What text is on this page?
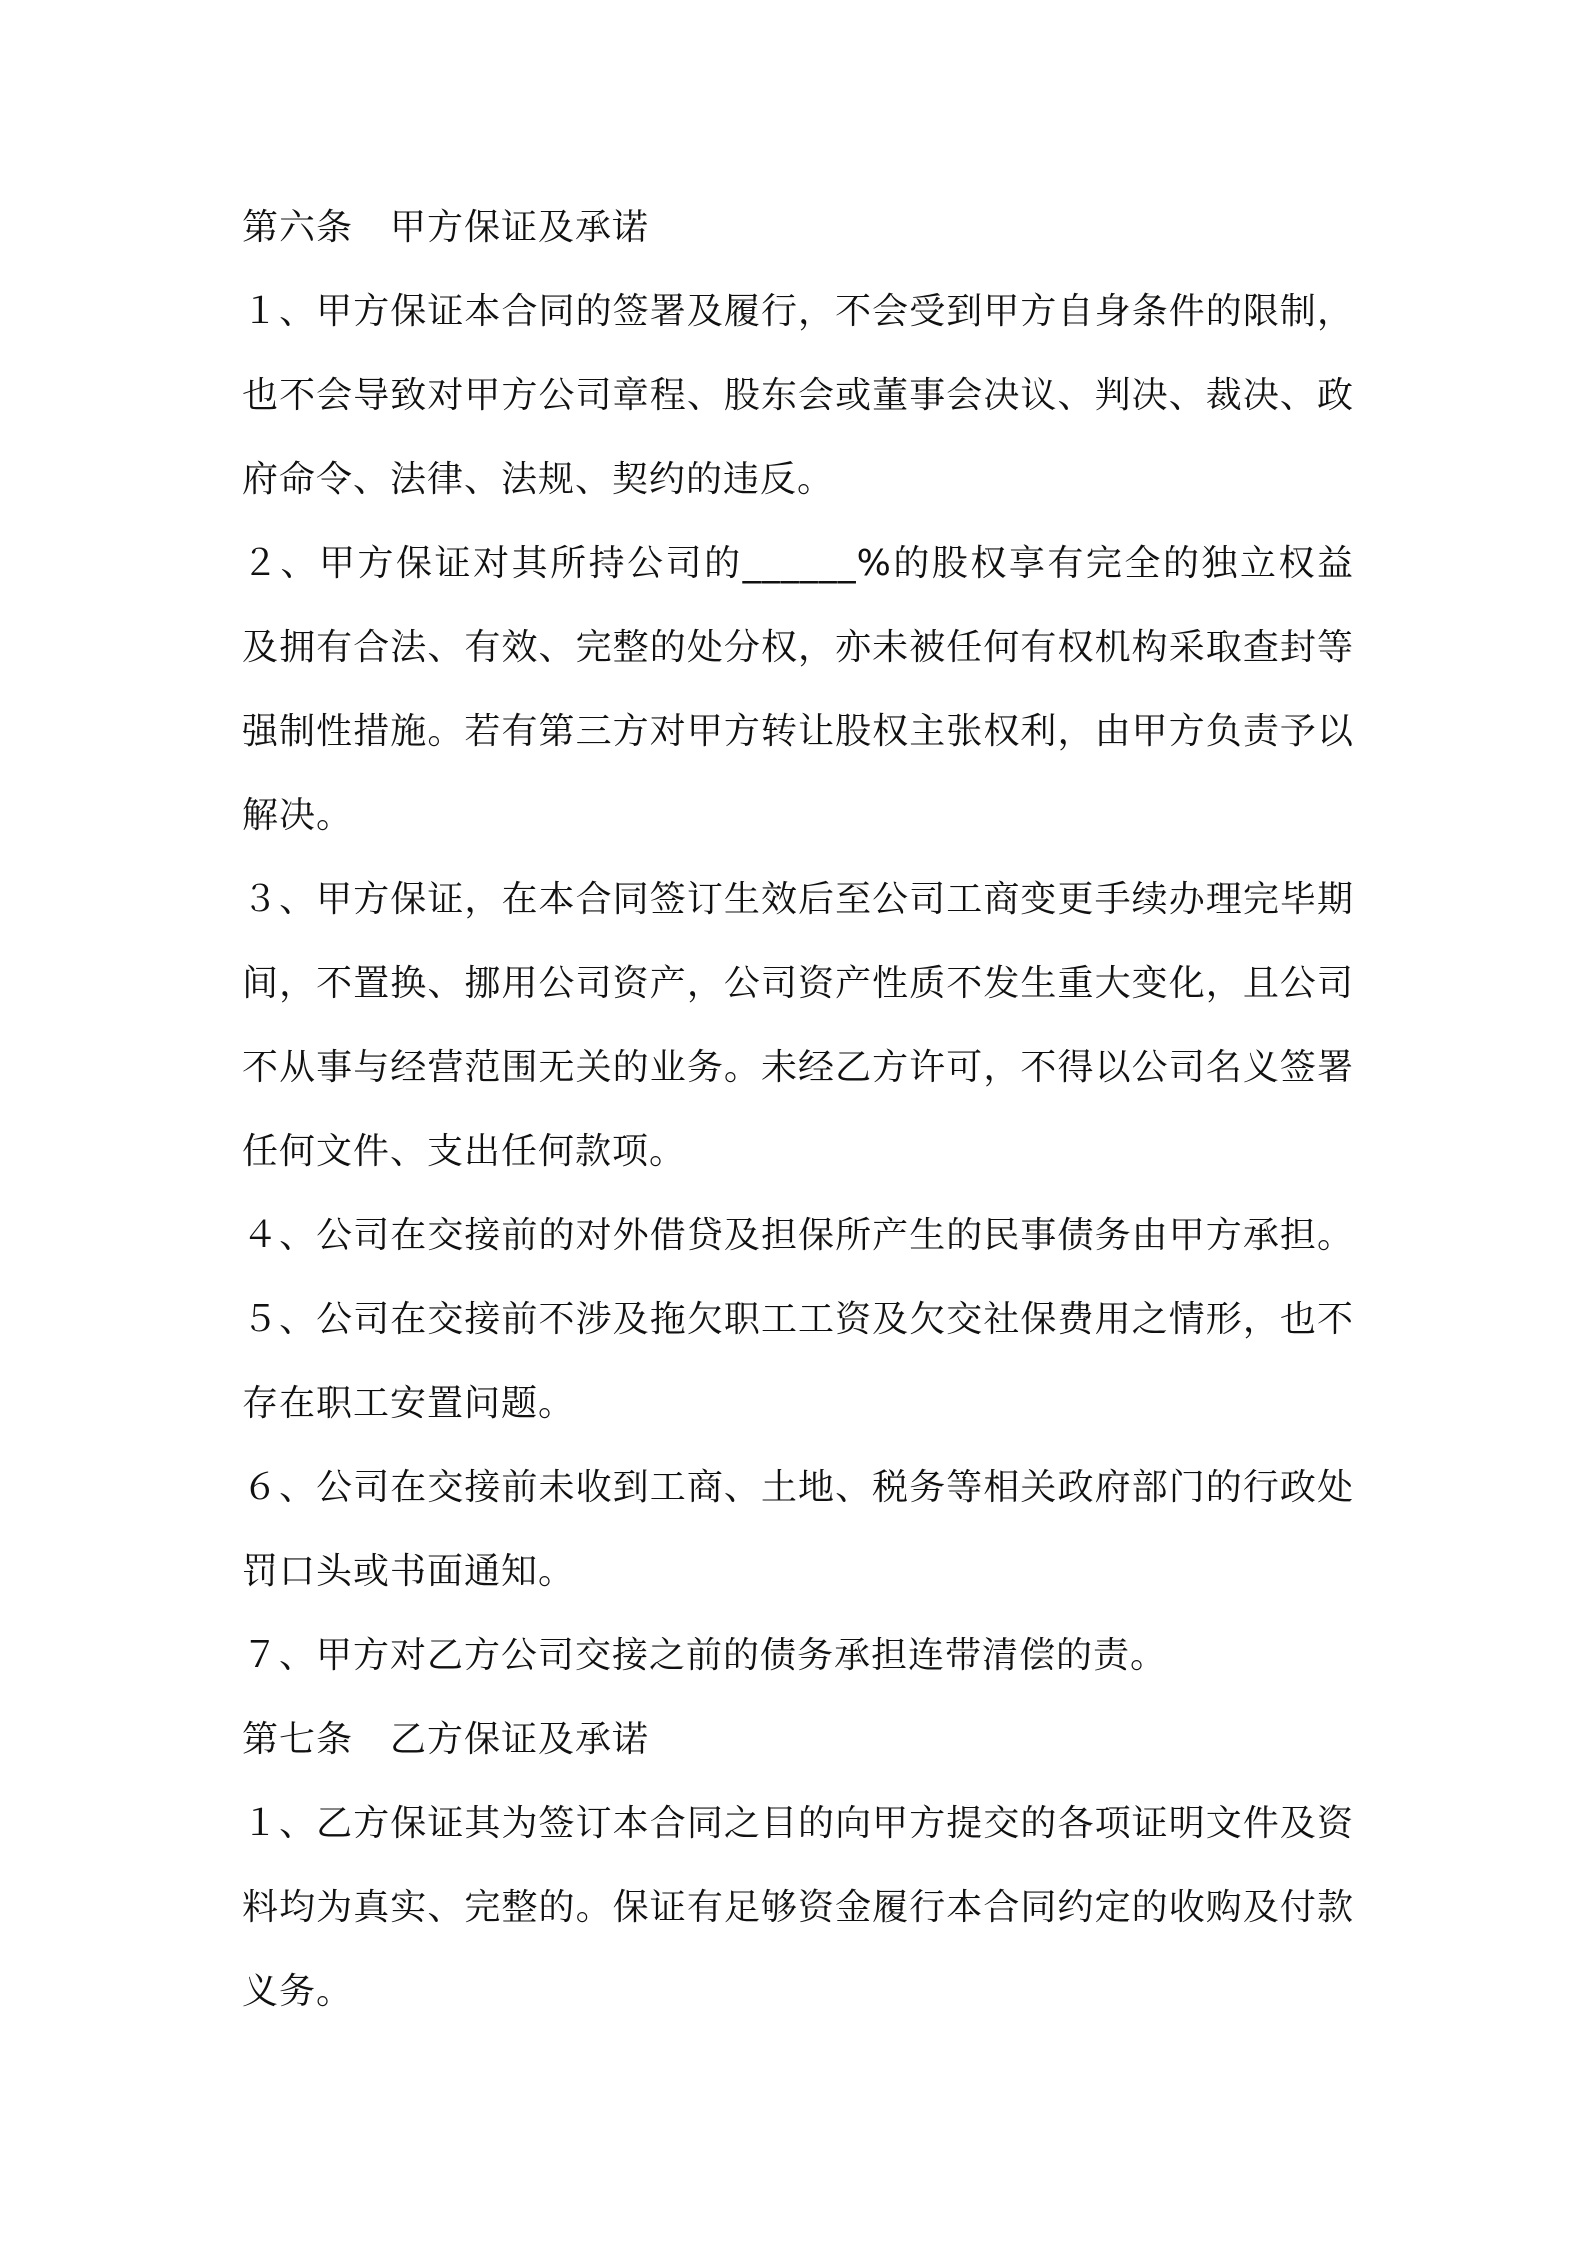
第六条　甲方保证及承诺
１、甲方保证本合同的签署及履行，不会受到甲方自身条件的限制，
也不会导致对甲方公司章程、股东会或董事会决议、判决、裁决、政
府命令、法律、法规、契约的违反。
２、甲方保证对其所持公司的______%的股权享有完全的独立权益
及拥有合法、有效、完整的处分权，亦未被任何有权机构采取查封等
强制性措施。若有第三方对甲方转让股权主张权利，由甲方负责予以
解决。
３、甲方保证，在本合同签订生效后至公司工商变更手续办理完毕期
间，不置换、挪用公司资产，公司资产性质不发生重大变化，且公司
不从事与经营范围无关的业务。未经乙方许可，不得以公司名义签署
任何文件、支出任何款项。
４、公司在交接前的对外借贷及担保所产生的民事债务由甲方承担。
５、公司在交接前不涉及拖欠职工工资及欠交社保费用之情形，也不
存在职工安置问题。
６、公司在交接前未收到工商、土地、税务等相关政府部门的行政处
罚口头或书面通知。
７、甲方对乙方公司交接之前的债务承担连带清偿的责。
第七条　乙方保证及承诺
１、乙方保证其为签订本合同之目的向甲方提交的各项证明文件及资
料均为真实、完整的。保证有足够资金履行本合同约定的收购及付款
义务。
